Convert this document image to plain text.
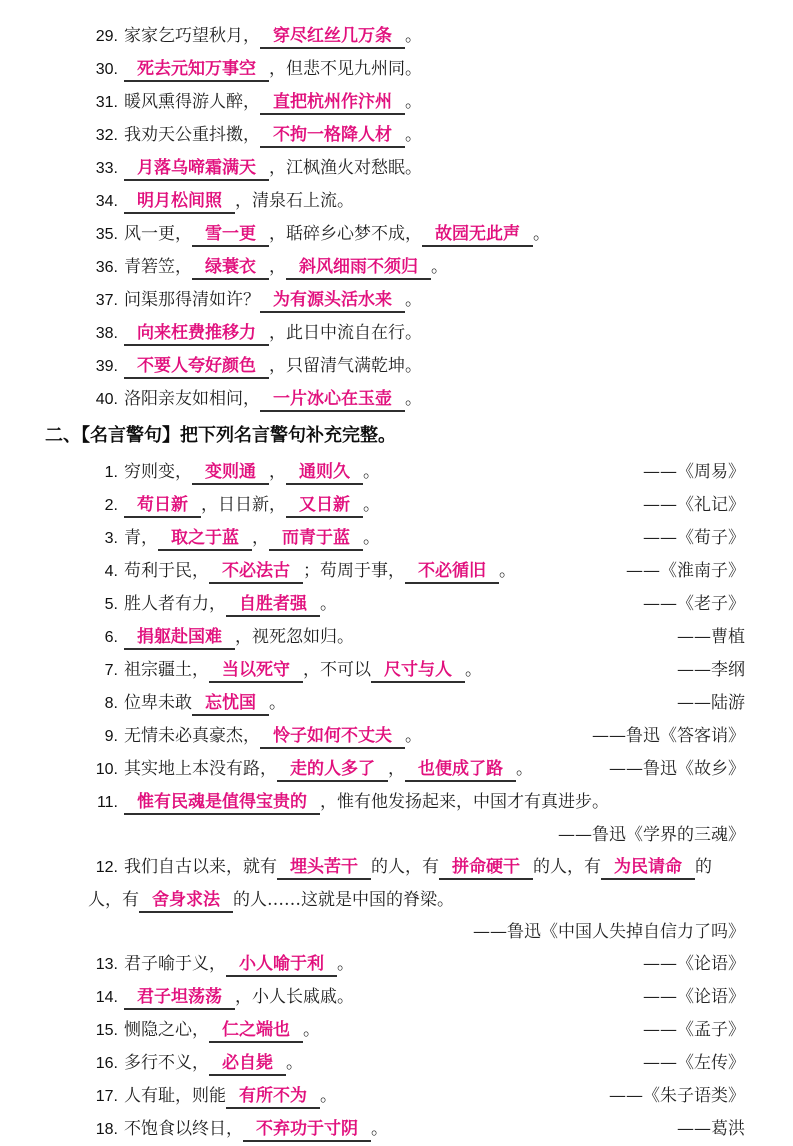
29. 家家乞巧望秋月， 穿尽红丝几万条 。
30. 死去元知万事空 ，但悲不见九州同。
31. 暖风熏得游人醉， 直把杭州作汴州 。
32. 我劝天公重抖擞， 不拘一格降人材 。
33. 月落乌啼霜满天 ，江枫渔火对愁眠。
34. 明月松间照 ，清泉石上流。
35. 风一更， 雪一更 ，聒碎乡心梦不成， 故园无此声 。
36. 青箬笠， 绿蓑衣 ， 斜风细雨不须归 。
37. 问渠那得清如许？ 为有源头活水来 。
38. 向来枉费推移力 ，此日中流自在行。
39. 不要人夸好颜色 ，只留清气满乾坤。
40. 洛阳亲友如相问， 一片冰心在玉壶 。
二、【名言警句】把下列名言警句补充完整。
1. 穷则变， 变则通 ， 通则久 。	——《周易》
2.	苟日新 ，日日新， 又日新 。	——《礼记》
3. 青， 取之于蓝 ， 而青于蓝 。	——《荀子》
4. 苟利于民， 不必法古 ；苟周于事， 不必循旧 。	——《淮南子》
5. 胜人者有力， 自胜者强 。	——《老子》
6.	捐躯赴国难 ，视死忽如归。	——曹植
7. 祖宗疆土， 当以死守 ，不可以 尺寸与人 。	——李纲
8. 位卑未敢 忘忧国 。	——陆游
9. 无情未必真豪杰， 怜子如何不丈夫 。	——鲁迅《答客诮》
10. 其实地上本没有路， 走的人多了 ， 也便成了路 。	——鲁迅《故乡》
11. 惟有民魂是值得宝贵的 ，惟有他发扬起来，中国才有真进步。
——鲁迅《学界的三魂》
12. 我们自古以来，就有 埋头苦干 的人，有 拼命硬干 的人，有 为民请命 的人，有 舍身求法 的人……这就是中国的脊梁。
——鲁迅《中国人失掉自信力了吗》
13. 君子喻于义， 小人喻于利 。	——《论语》
14.	君子坦荡荡 ，小人长戚戚。	——《论语》
15. 恻隐之心， 仁之端也 。	——《孟子》
16. 多行不义， 必自毙 。	——《左传》
17. 人有耻，则能 有所不为 。	——《朱子语类》
18. 不饱食以终日， 不弃功于寸阴 。	——葛洪
